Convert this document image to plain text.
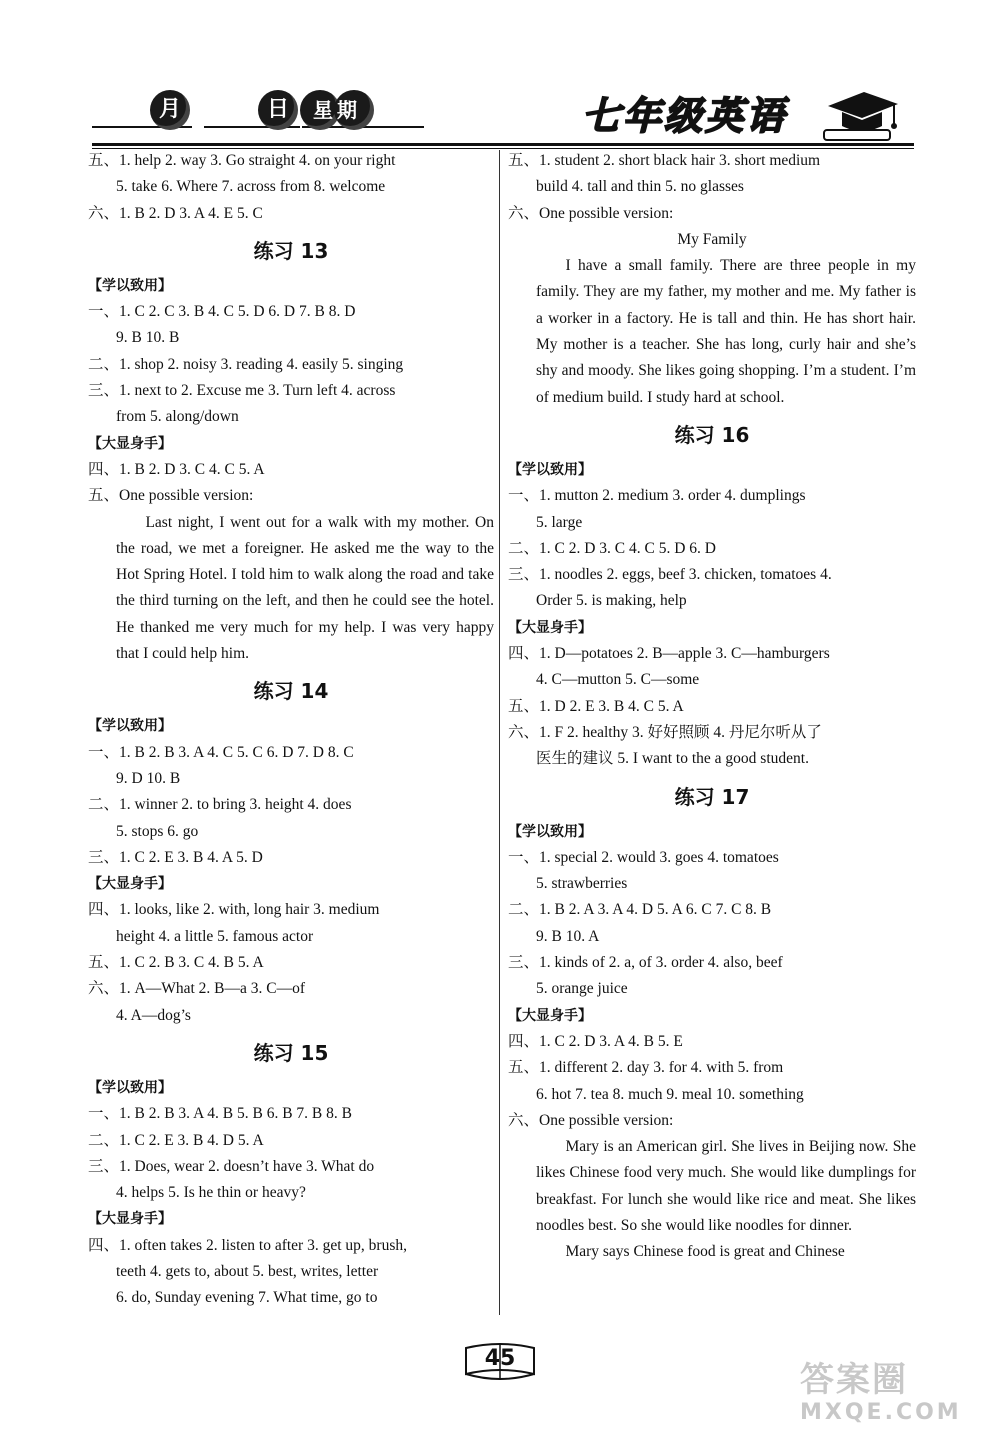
月	日	星期	七年级英语
五、1. help 2. way 3. Go straight 4. on your right
5. take 6. Where 7. across from 8. welcome
六、1. B 2. D 3. A 4. E 5. C
练习 13
【学以致用】
一、1. C 2. C 3. B 4. C 5. D 6. D 7. B 8. D
9. B 10. B
二、1. shop 2. noisy 3. reading 4. easily 5. singing
三、1. next to 2. Excuse me 3. Turn left 4. across
from 5. along/down
【大显身手】
四、1. B 2. D 3. C 4. C 5. A
五、One possible version:
Last night, I went out for a walk with my mother. On the road, we met a foreigner. He asked me the way to the Hot Spring Hotel. I told him to walk along the road and take the third turning on the left, and then he could see the hotel. He thanked me very much for my help. I was very happy that I could help him.
练习 14
【学以致用】
一、1. B 2. B 3. A 4. C 5. C 6. D 7. D 8. C
9. D 10. B
二、1. winner 2. to bring 3. height 4. does
5. stops 6. go
三、1. C 2. E 3. B 4. A 5. D
【大显身手】
四、1. looks, like 2. with, long hair 3. medium
height 4. a little 5. famous actor
五、1. C 2. B 3. C 4. B 5. A
六、1. A—What 2. B—a 3. C—of
4. A—dog’s
练习 15
【学以致用】
一、1. B 2. B 3. A 4. B 5. B 6. B 7. B 8. B
二、1. C 2. E 3. B 4. D 5. A
三、1. Does, wear 2. doesn’t have 3. What do
4. helps 5. Is he thin or heavy?
【大显身手】
四、1. often takes 2. listen to after 3. get up, brush,
teeth 4. gets to, about 5. best, writes, letter
6. do, Sunday evening 7. What time, go to
五、1. student 2. short black hair 3. short medium
build 4. tall and thin 5. no glasses
六、One possible version:
My Family
I have a small family. There are three people in my family. They are my father, my mother and me. My father is a worker in a factory. He is tall and thin. He has short hair. My mother is a teacher. She has long, curly hair and she’s shy and moody. She likes going shopping. I’m a student. I’m of medium build. I study hard at school.
练习 16
【学以致用】
一、1. mutton 2. medium 3. order 4. dumplings
5. large
二、1. C 2. D 3. C 4. C 5. D 6. D
三、1. noodles 2. eggs, beef 3. chicken, tomatoes 4.
Order 5. is making, help
【大显身手】
四、1. D—potatoes 2. B—apple 3. C—hamburgers
4. C—mutton 5. C—some
五、1. D 2. E 3. B 4. C 5. A
六、1. F 2. healthy 3. 好好照顾 4. 丹尼尔听从了
医生的建议 5. I want to the a good student.
练习 17
【学以致用】
一、1. special 2. would 3. goes 4. tomatoes
5. strawberries
二、1. B 2. A 3. A 4. D 5. A 6. C 7. C 8. B
9. B 10. A
三、1. kinds of 2. a, of 3. order 4. also, beef
5. orange juice
【大显身手】
四、1. C 2. D 3. A 4. B 5. E
五、1. different 2. day 3. for 4. with 5. from
6. hot 7. tea 8. much 9. meal 10. something
六、One possible version:
Mary is an American girl. She lives in Beijing now. She likes Chinese food very much. She would like dumplings for breakfast. For lunch she would like rice and meat. She likes noodles best. So she would like noodles for dinner.
Mary says Chinese food is great and Chinese
45
答案圈
MXQE.COM
